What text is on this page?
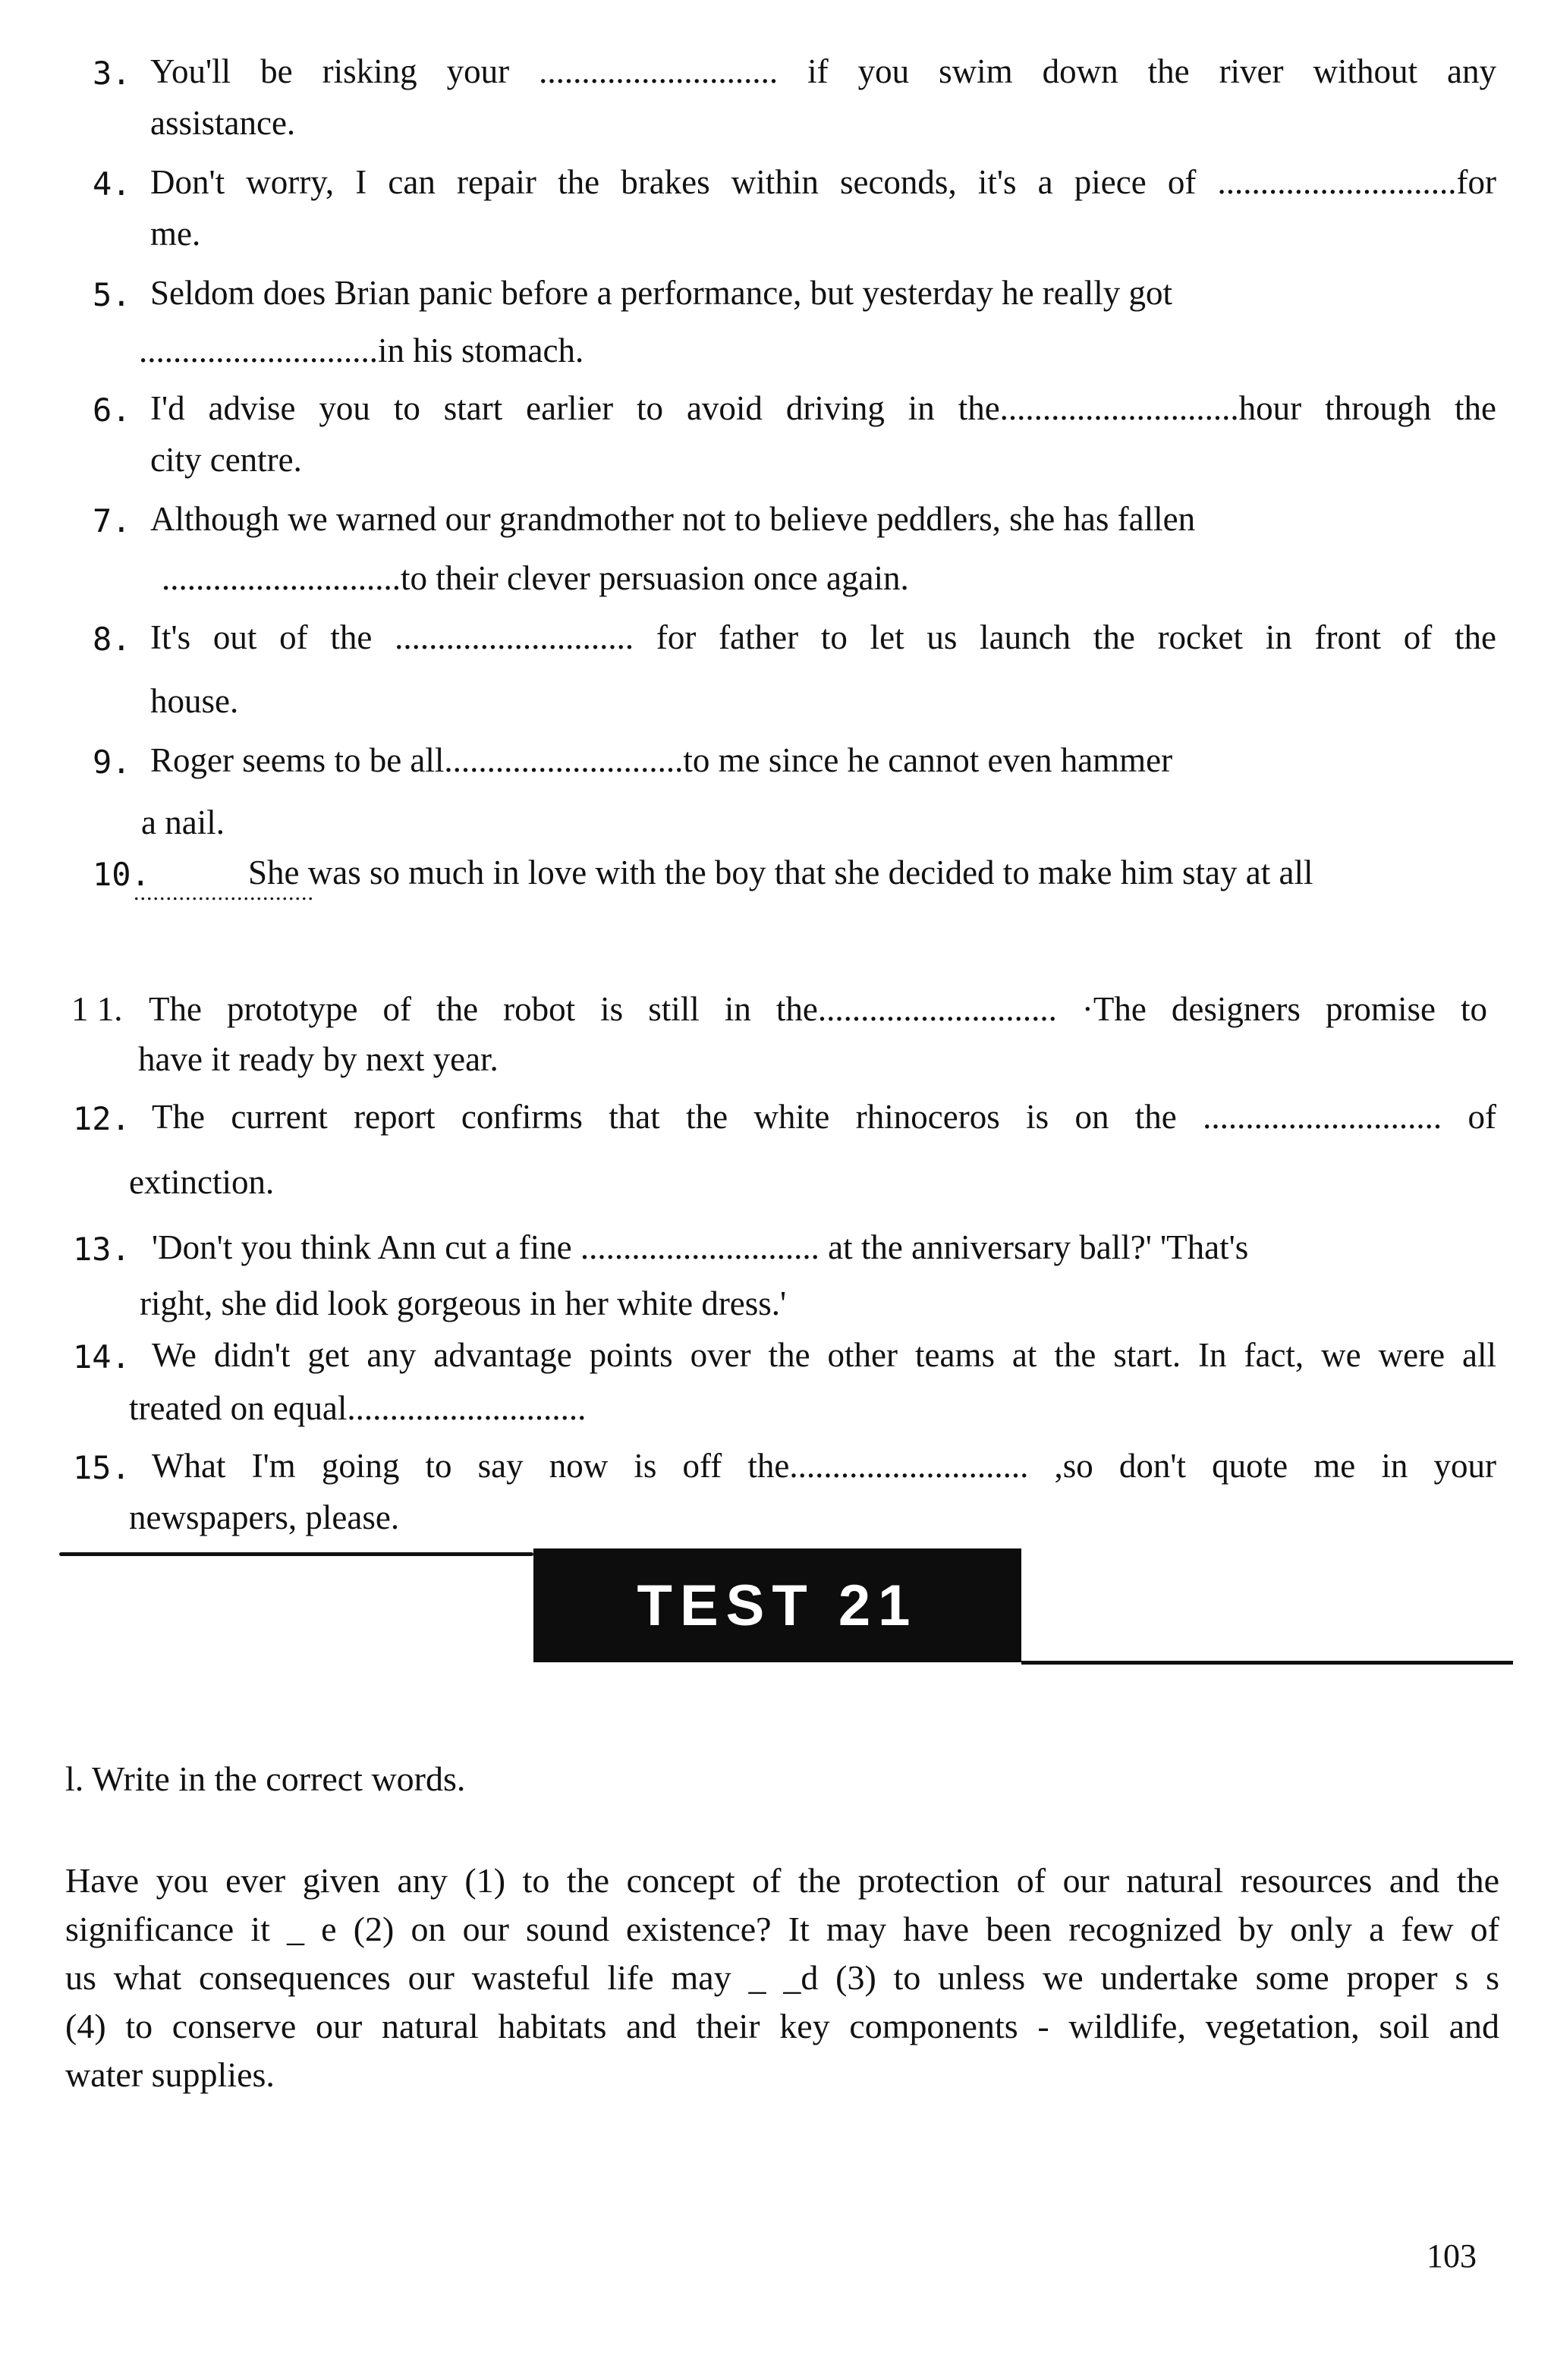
3. You'll be risking your ............................ if you swim down the river without any
assistance.
4. Don't worry, I can repair the brakes within seconds, it's a piece of ............................for
me.
5. Seldom does Brian panic before a performance, but yesterday he really got
............................in his stomach.
6. I'd advise you to start earlier to avoid driving in the............................hour through the
city centre.
7. Although we warned our grandmother not to believe peddlers, she has fallen
............................to their clever persuasion once again.
8. It's out of the ............................ for father to let us launch the rocket in front of the
house.
9. Roger seems to be all............................to me since he cannot even hammer
a nail.
10.	She was so much in love with the boy that she decided to make him stay at all
............................
1 1. The prototype of the robot is still in the............................ ·The designers promise to
have it ready by next year.
12. The current report confirms that the white rhinoceros is on the ............................ of
extinction.
13. 'Don't you think Ann cut a fine ............................ at the anniversary ball?' 'That's
right, she did look gorgeous in her white dress.'
14. We didn't get any advantage points over the other teams at the start. In fact, we were all
treated on equal............................
15. What I'm going to say now is off the............................ ,so don't quote me in your
newspapers, please.
TEST 21
l. Write in the correct words.
Have you ever given any (1) to the concept of the protection of our natural resources and the
significance it _ e (2) on our sound existence? It may have been recognized by only a few of
us what consequences our wasteful life may _ _d (3) to unless we undertake some proper s s
(4) to conserve our natural habitats and their key components - wildlife, vegetation, soil and
water supplies.
103
